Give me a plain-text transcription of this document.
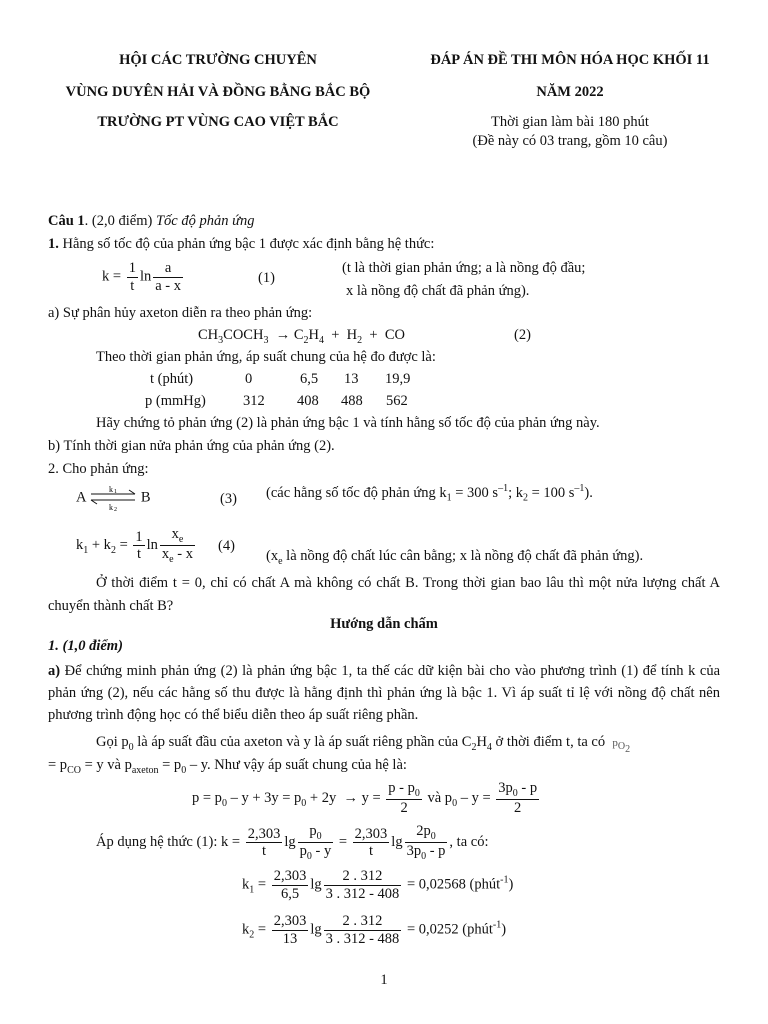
HỘI CÁC TRƯỜNG CHUYÊN
VÙNG DUYÊN HẢI VÀ ĐỒNG BẰNG BẮC BỘ
TRƯỜNG PT VÙNG CAO VIỆT BẮC
ĐÁP ÁN ĐỀ THI MÔN HÓA HỌC KHỐI 11
NĂM 2022
Thời gian làm bài 180 phút
(Đề này có 03 trang, gồm 10 câu)
Câu 1. (2,0 điểm) Tốc độ phản ứng
1. Hằng số tốc độ của phản ứng bậc 1 được xác định bằng hệ thức:
$k = \frac{1}{t}$ $\ln \frac{a}{a - x}$	(1)
(t là thời gian phản ứng; a là nồng độ đầu;
x là nồng độ chất đã phản ứng).
a) Sự phân hủy axeton diễn ra theo phản ứng:
$CH_3COCH_3 \to C_2H_4 + H_2$  +  CO	(2)
Theo thời gian phản ứng, áp suất chung của hệ đo được là:
t (phút)	0	6,5 13 19,9
p (mmHg)	312 408 488 562
Hãy chứng tỏ phản ứng (2) là phản ứng bậc 1 và tính hằng số tốc độ của phản ứng này.
b) Tính thời gian nửa phản ứng của phản ứng (2).
2. Cho phản ứng:
A	k 1
k 2
B	(3) (các hằng số tốc độ phản ứng $k_1 = 300$ $s^{-1}$; $k_2 = 100$ $s^{-1}$).
$k_1 + k_2 = \frac{1}{t}$ $\ln \frac{x_e}{x_e - x} (4)$
($x_e$ là nồng độ chất lúc cân bằng; x là nồng độ chất đã phản ứng).
Ở thời điểm t = 0, chỉ có chất A mà không có chất B. Trong thời gian bao lâu thì một nửa lượng chất A chuyển thành chất B?
Hướng dẫn chấm
1. (1,0 điểm)
a) Để chứng minh phản ứng (2) là phản ứng bậc 1, ta thế các dữ kiện bài cho vào phương trình (1) để tính k của phản ứng (2), nếu các hằng số thu được là hằng định thì phản ứng là bậc 1. Vì áp suất tỉ lệ với nồng độ chất nên phương trình động học có thể biểu diễn theo áp suất riêng phần.
Gọi $p_0$ là áp suất đầu của axeton và y là áp suất riêng phần của $C_2H_4$ ở thời điểm t, ta có  $p_{O_2}$
= $p_{CO} = y$ và $p_{axeton} = p_0 - y$. Như vậy áp suất chung của hệ là:
$p = p_0 - y + 3y = p_0 + 2y \to y = \frac{p - p_0}{2}$ và $p_0 - y = \frac{3p_0 - p}{2}$
Áp dụng hệ thức (1): $k = \frac{2,303}{t}$ $\lg \frac{p_0}{p_0 - y} = \frac{2,303}{t}$ $\lg \frac{2p_0}{3p_0 - p}$ , ta có:
$k_1 = \frac{2,303}{6,5}$ $\lg \frac{2 . 312}{3 . 312 - 408} = 0,02568$ (phút$^{-1}$)
$k_2 = \frac{2,303}{13}$ $\lg \frac{2 . 312}{3 . 312 - 488} = 0,0252$ (phút$^{-1}$)
1
